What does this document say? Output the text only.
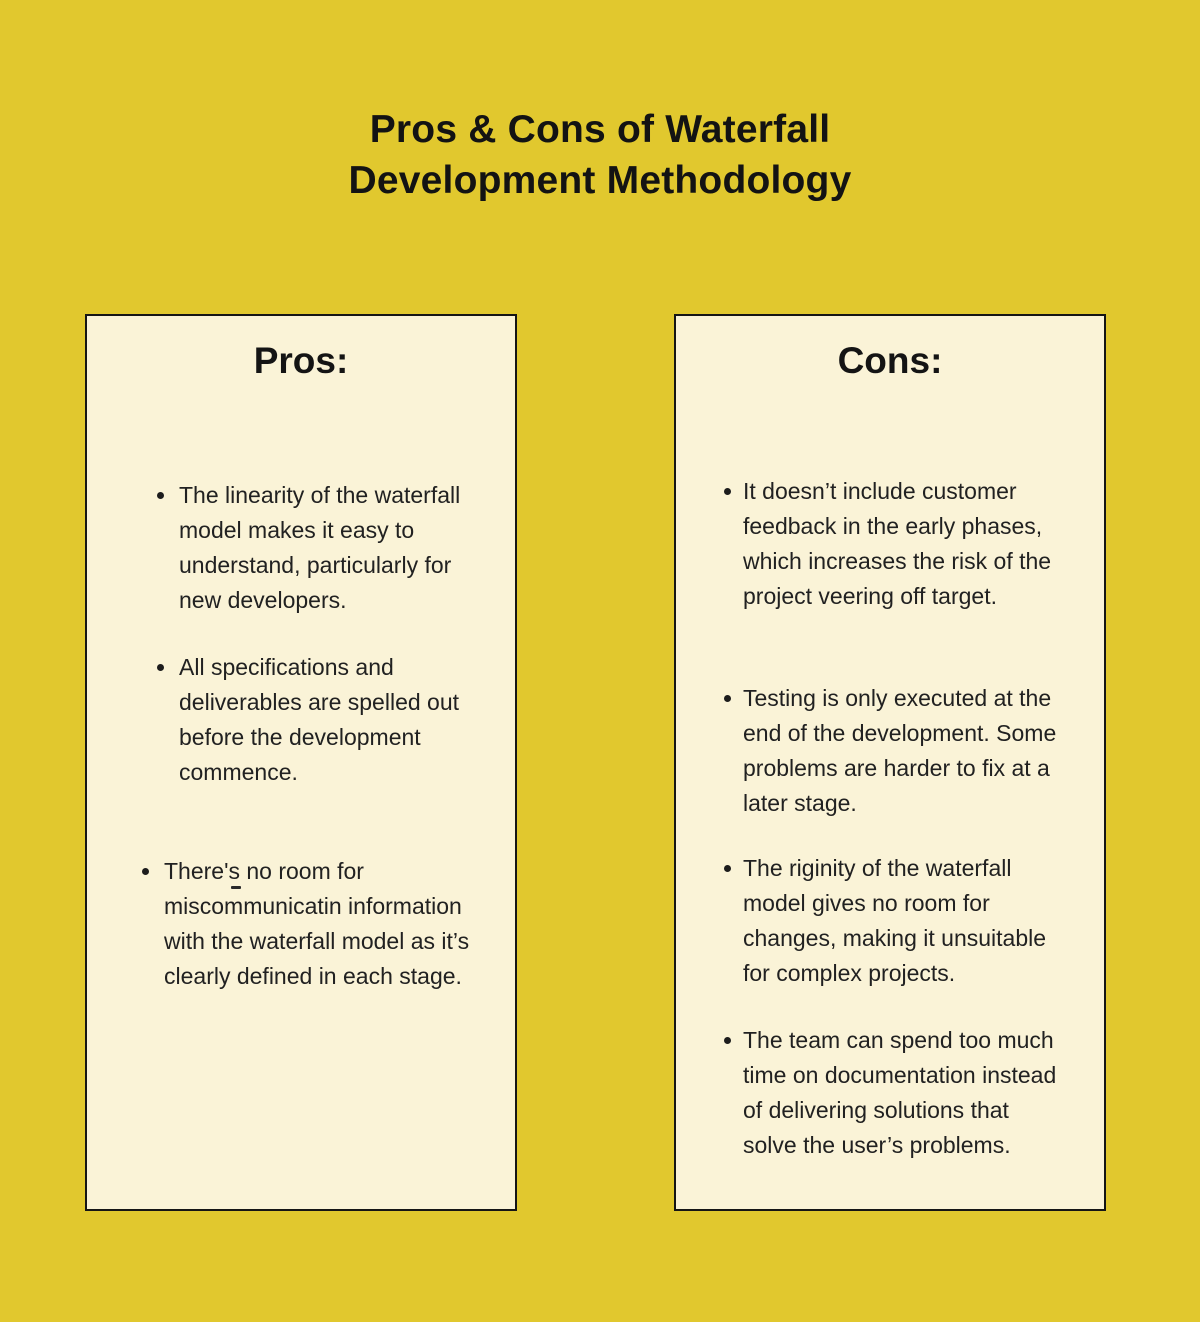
Pros & Cons of Waterfall
Development Methodology
Pros:
The linearity of the waterfall model makes it easy to understand, particularly for new developers.
All specifications and deliverables are spelled out before the development commence.
There's no room for miscommunicatin information with the waterfall model as it’s clearly defined in each stage.
Cons:
It doesn’t include customer feedback in the early phases, which increases the risk of the project veering off target.
Testing is only executed at the end of the development. Some problems are harder to fix at a later stage.
The riginity of the waterfall model gives no room for changes, making it unsuitable for complex projects.
The team can spend too much time on documentation instead of delivering solutions that solve the user’s problems.
